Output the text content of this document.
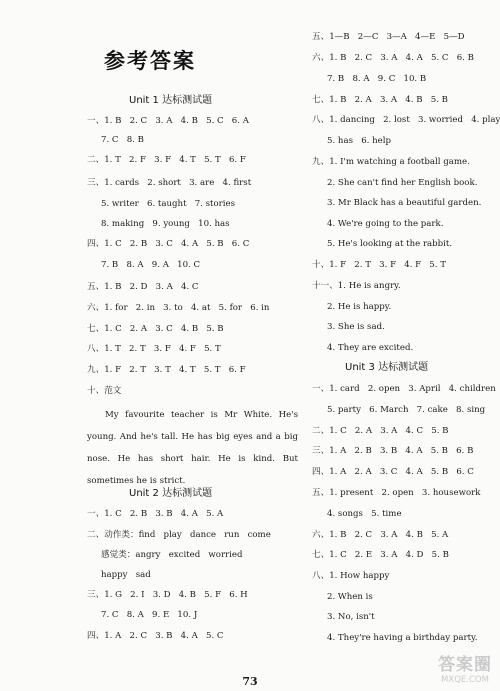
参考答案
Unit 1 达标测试题
一、1. B   2. C   3. A   4. B   5. C   6. A
7. C   8. B
二、1. T   2. F   3. F   4. T   5. T   6. F
三、1. cards   2. short   3. are   4. first
5. writer   6. taught   7. stories
8. making   9. young   10. has
四、1. C   2. B   3. C   4. A   5. B   6. C
7. B   8. A   9. A   10. C
五、1. B   2. D   3. A   4. C
六、1. for   2. in   3. to   4. at   5. for   6. in
七、1. C   2. A   3. C   4. B   5. B
八、1. T   2. T   3. F   4. F   5. T
九、1. F   2. T   3. T   4. T   5. T   6. F
十、范文
My favourite teacher is Mr White. He's young. And he's tall. He has big eyes and a big nose. He has short hair. He is kind. But sometimes he is strict.
Unit 2 达标测试题
一、1. C   2. B   3. B   4. A   5. A
二、动作类：find   play   dance   run   come
感觉类：angry   excited   worried
happy   sad
三、1. G   2. I   3. D   4. B   5. F   6. H
7. C   8. A   9. E   10. J
四、1. A   2. C   3. B   4. A   5. C
五、1—B   2—C   3—A   4—E   5—D
六、1. B   2. C   3. A   4. A   5. C   6. B
7. B   8. A   9. C   10. B
七、1. B   2. A   3. A   4. B   5. B
八、1. dancing   2. lost   3. worried   4. play
5. has   6. help
九、1. I'm watching a football game.
2. She can't find her English book.
3. Mr Black has a beautiful garden.
4. We're going to the park.
5. He's looking at the rabbit.
十、1. F   2. T   3. F   4. F   5. T
十一、1. He is angry.
2. He is happy.
3. She is sad.
4. They are excited.
Unit 3 达标测试题
一、1. card   2. open   3. April   4. children
5. party   6. March   7. cake   8. sing
二、1. C   2. A   3. A   4. C   5. B
三、1. A   2. B   3. B   4. A   5. B   6. B
四、1. A   2. A   3. C   4. A   5. B   6. C
五、1. present   2. open   3. housework
4. songs   5. time
六、1. B   2. C   3. A   4. B   5. A
七、1. C   2. E   3. A   4. D   5. B
八、1. How happy
2. When is
3. No, isn't
4. They're having a birthday party.
73
答案圈
MXQE.COM
